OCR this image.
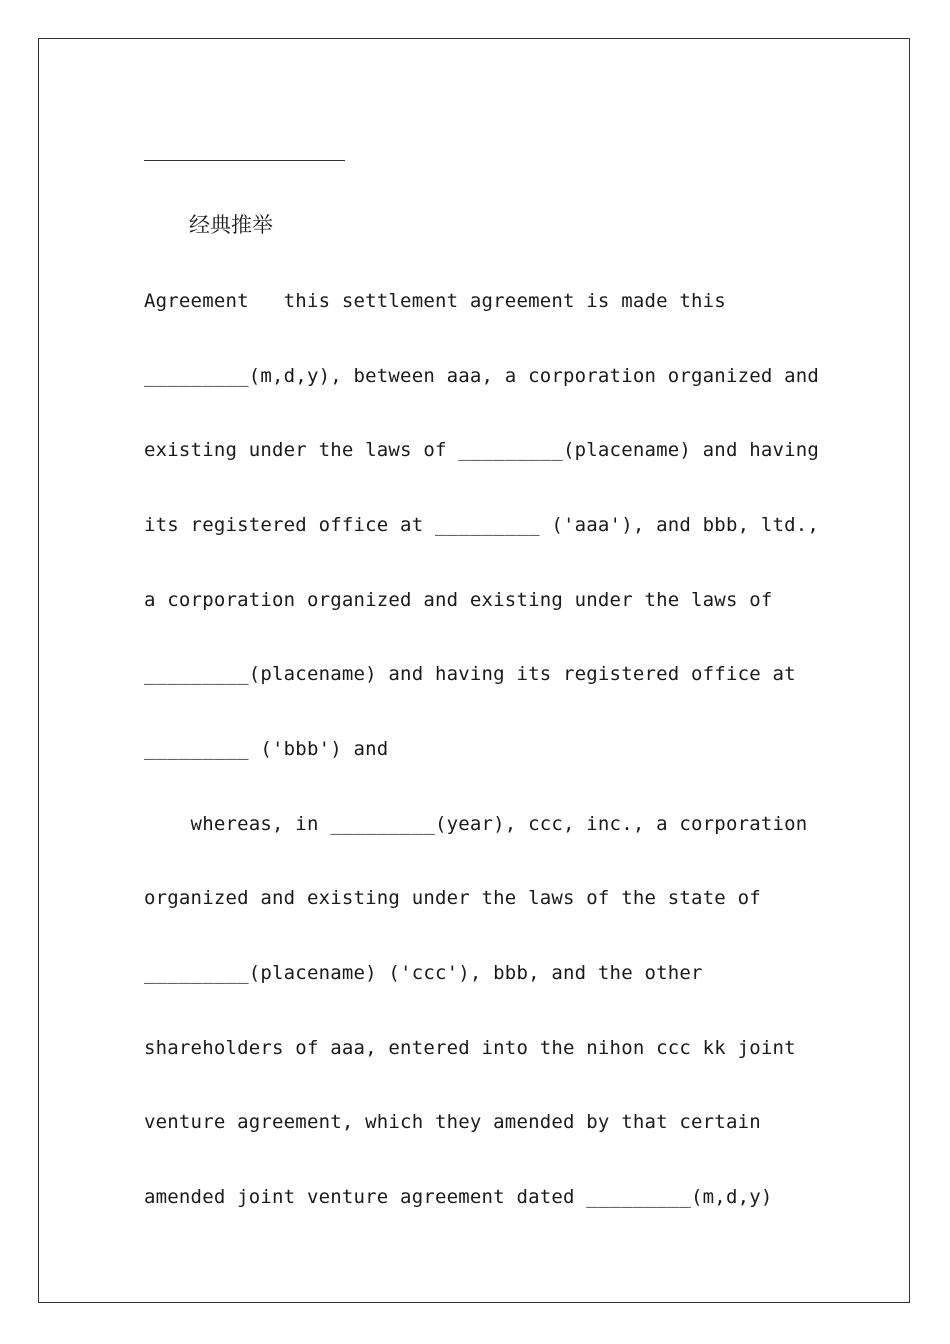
经典推举
Agreement   this settlement agreement is made this
_________(m,d,y), between aaa, a corporation organized and
existing under the laws of _________(placename) and having
its registered office at _________ ('aaa'), and bbb, ltd.,
a corporation organized and existing under the laws of
_________(placename) and having its registered office at
_________ ('bbb') and
whereas, in _________(year), ccc, inc., a corporation
organized and existing under the laws of the state of
_________(placename) ('ccc'), bbb, and the other
shareholders of aaa, entered into the nihon ccc kk joint
venture agreement, which they amended by that certain
amended joint venture agreement dated _________(m,d,y)
